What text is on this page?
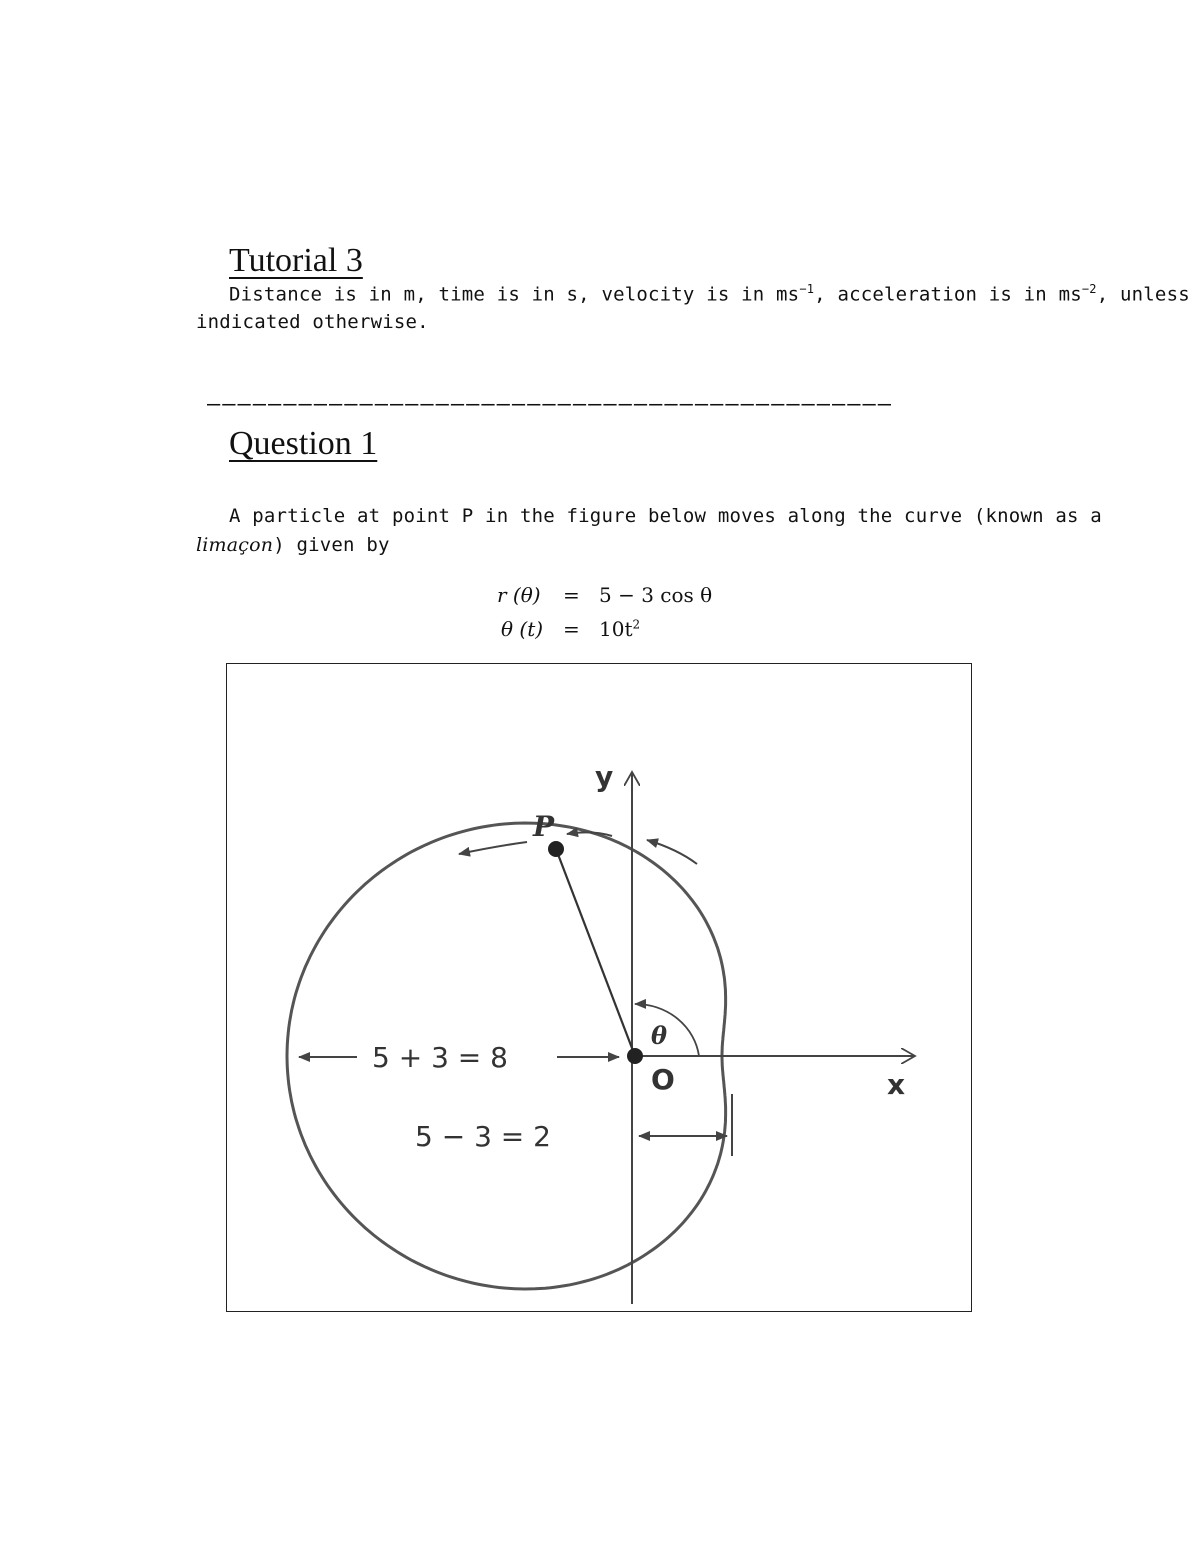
Tutorial 3
Distance is in m, time is in s, velocity is in $ms^{-1}$, acceleration is in $ms^{-2}$, unless
indicated otherwise.
–––––––––––––––––––––––––––––––––––––––––––––
Question 1
A particle at point P in the figure below moves along the curve (known as a
limaçon) given by
r (θ) = 5 − 3 cos θ
θ $(t) = 10t^2$
5 + 3 = 8
5 − 3 = 2
y
x
P
O
θ
